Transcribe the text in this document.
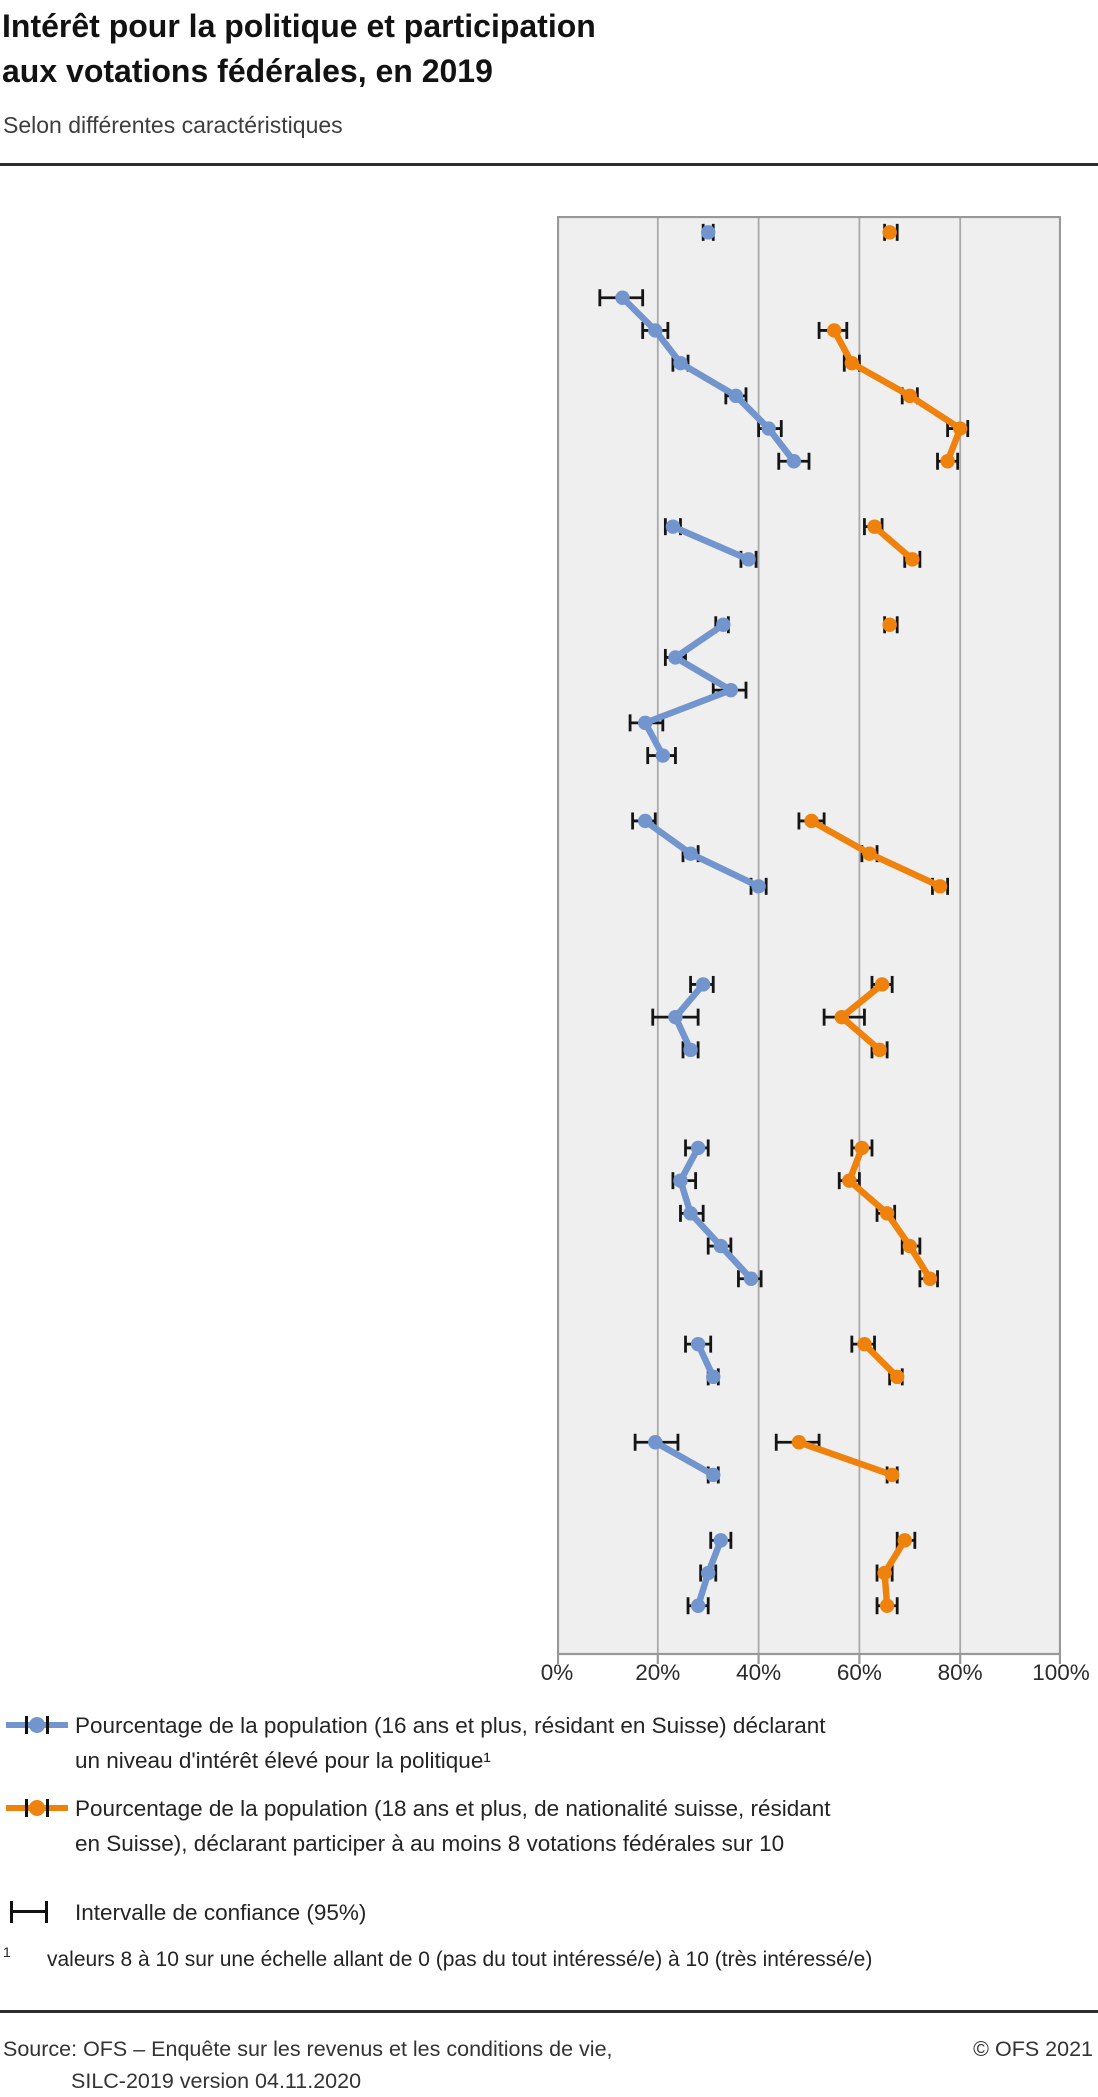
Intérêt pour la politique et participation
aux votations fédérales, en 2019
Selon différentes caractéristiques
0%	20%	40%	60%	80%	100%
Pourcentage de la population (16 ans et plus, résidant en Suisse) déclarant
un niveau d'intérêt élevé pour la politique¹
Pourcentage de la population (18 ans et plus, de nationalité suisse, résidant
en Suisse), déclarant participer à au moins 8 votations fédérales sur 10
Intervalle de confiance (95%)
1 valeurs 8 à 10 sur une échelle allant de 0 (pas du tout intéressé/e) à 10 (très intéressé/e)
Source: OFS – Enquête sur les revenus et les conditions de vie,
SILC-2019 version 04.11.2020
© OFS 2021
